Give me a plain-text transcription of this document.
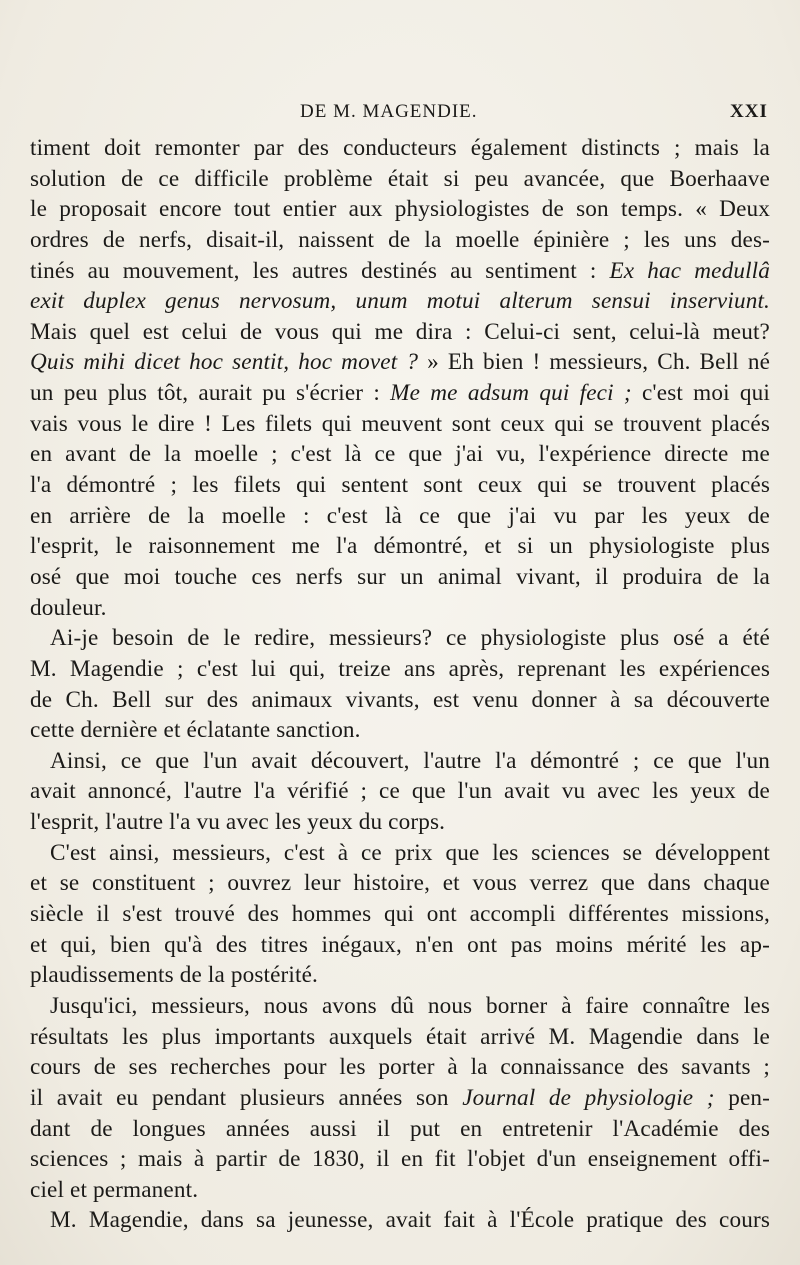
DE M. MAGENDIE.	XXI
timent doit remonter par des conducteurs également distincts ; mais la
solution de ce difficile problème était si peu avancée, que Boerhaave
le proposait encore tout entier aux physiologistes de son temps. « Deux
ordres de nerfs, disait-il, naissent de la moelle épinière ; les uns des-
tinés au mouvement, les autres destinés au sentiment : Ex hac medullâ
exit duplex genus nervosum, unum motui alterum sensui inserviunt.
Mais quel est celui de vous qui me dira : Celui-ci sent, celui-là meut?
Quis mihi dicet hoc sentit, hoc movet ? » Eh bien ! messieurs, Ch. Bell né
un peu plus tôt, aurait pu s'écrier : Me me adsum qui feci ; c'est moi qui
vais vous le dire ! Les filets qui meuvent sont ceux qui se trouvent placés
en avant de la moelle ; c'est là ce que j'ai vu, l'expérience directe me
l'a démontré ; les filets qui sentent sont ceux qui se trouvent placés
en arrière de la moelle : c'est là ce que j'ai vu par les yeux de
l'esprit, le raisonnement me l'a démontré, et si un physiologiste plus
osé que moi touche ces nerfs sur un animal vivant, il produira de la
douleur.
Ai-je besoin de le redire, messieurs? ce physiologiste plus osé a été
M. Magendie ; c'est lui qui, treize ans après, reprenant les expériences
de Ch. Bell sur des animaux vivants, est venu donner à sa découverte
cette dernière et éclatante sanction.
Ainsi, ce que l'un avait découvert, l'autre l'a démontré ; ce que l'un
avait annoncé, l'autre l'a vérifié ; ce que l'un avait vu avec les yeux de
l'esprit, l'autre l'a vu avec les yeux du corps.
C'est ainsi, messieurs, c'est à ce prix que les sciences se développent
et se constituent ; ouvrez leur histoire, et vous verrez que dans chaque
siècle il s'est trouvé des hommes qui ont accompli différentes missions,
et qui, bien qu'à des titres inégaux, n'en ont pas moins mérité les ap-
plaudissements de la postérité.
Jusqu'ici, messieurs, nous avons dû nous borner à faire connaître les
résultats les plus importants auxquels était arrivé M. Magendie dans le
cours de ses recherches pour les porter à la connaissance des savants ;
il avait eu pendant plusieurs années son Journal de physiologie ; pen-
dant de longues années aussi il put en entretenir l'Académie des
sciences ; mais à partir de 1830, il en fit l'objet d'un enseignement offi-
ciel et permanent.
M. Magendie, dans sa jeunesse, avait fait à l'École pratique des cours
